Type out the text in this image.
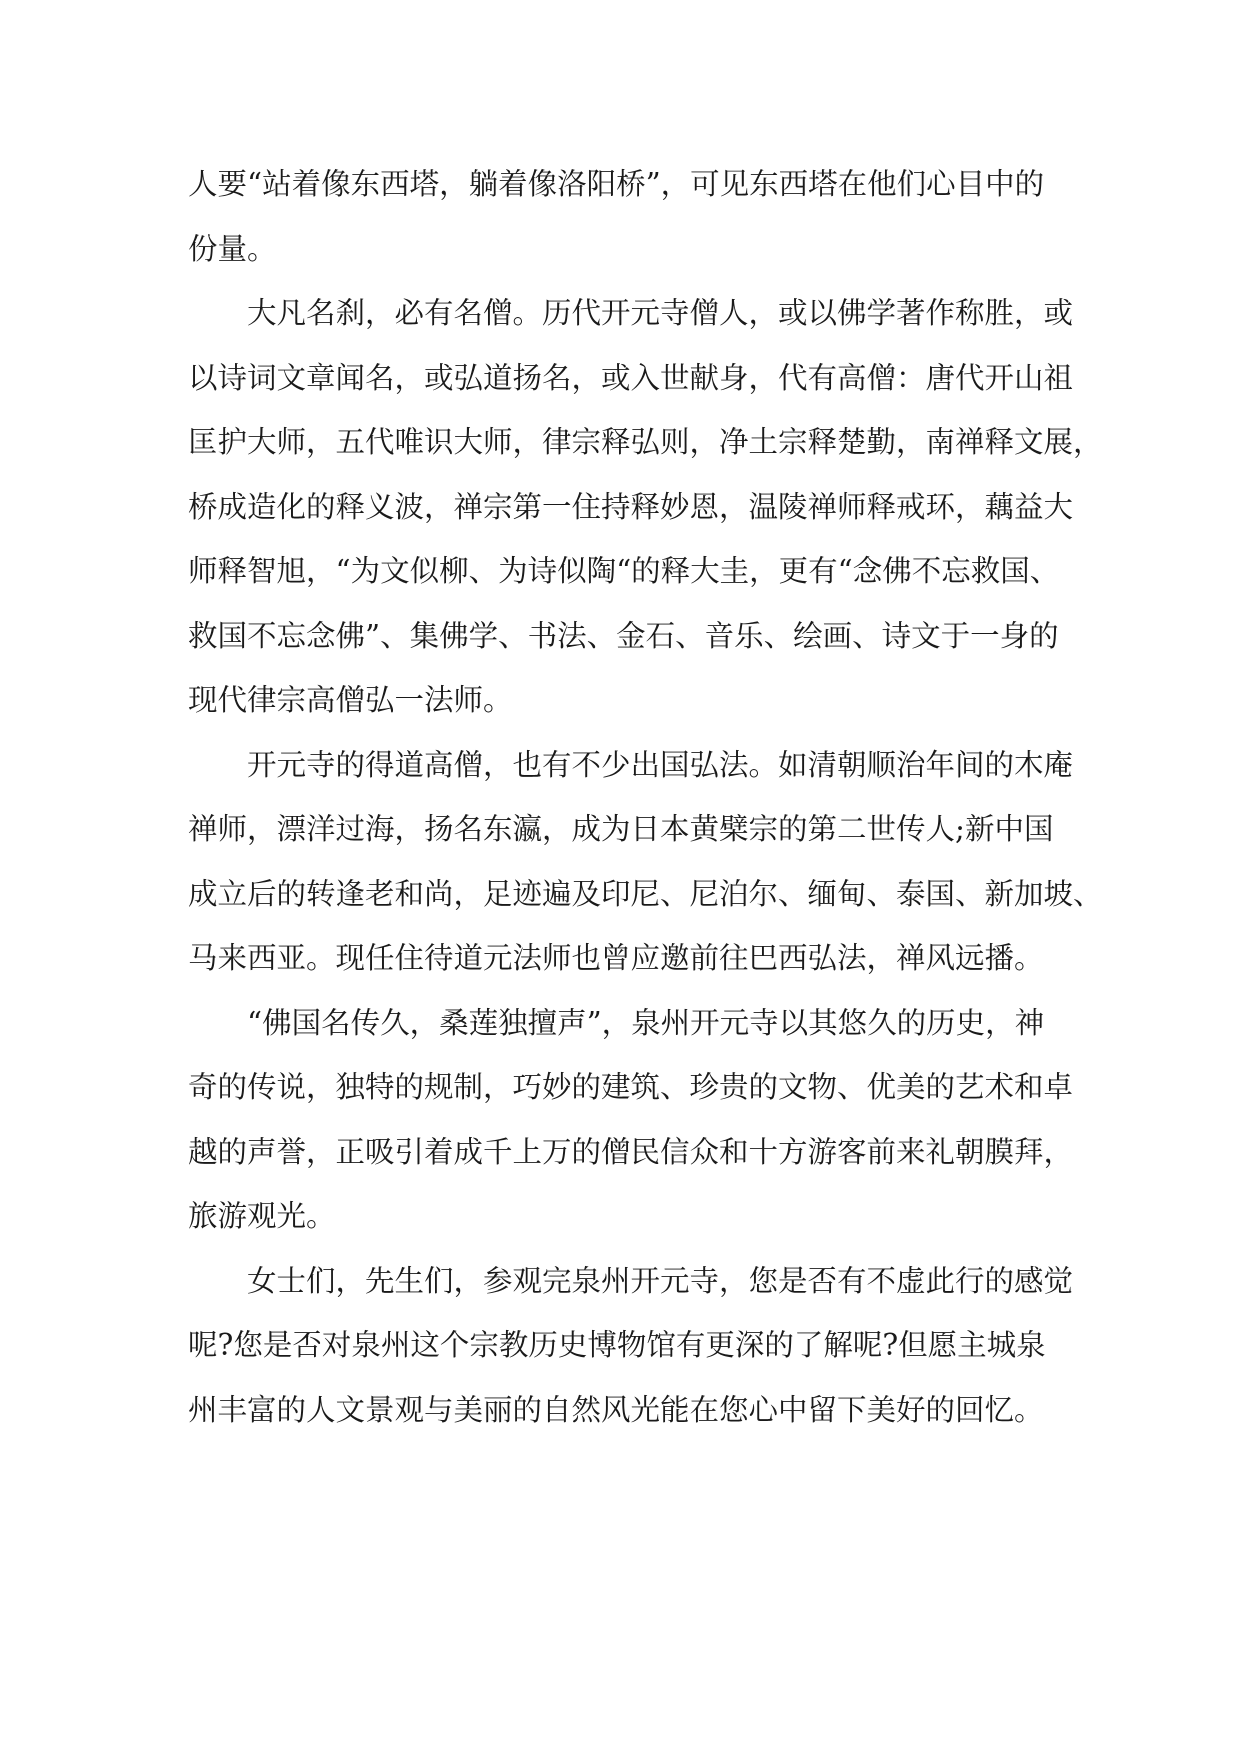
人要“站着像东西塔，躺着像洛阳桥”，可见东西塔在他们心目中的
份量。
　　大凡名刹，必有名僧。历代开元寺僧人，或以佛学著作称胜，或
以诗词文章闻名，或弘道扬名，或入世献身，代有高僧：唐代开山祖
匡护大师，五代唯识大师，律宗释弘则，净土宗释楚勤，南禅释文展，
桥成造化的释义波，禅宗第一住持释妙恩，温陵禅师释戒环，藕益大
师释智旭，“为文似柳、为诗似陶“的释大圭，更有“念佛不忘救国、
救国不忘念佛”、集佛学、书法、金石、音乐、绘画、诗文于一身的
现代律宗高僧弘一法师。
　　开元寺的得道高僧，也有不少出国弘法。如清朝顺治年间的木庵
禅师，漂洋过海，扬名东瀛，成为日本黄檗宗的第二世传人;新中国
成立后的转逢老和尚，足迹遍及印尼、尼泊尔、缅甸、泰国、新加坡、
马来西亚。现任住待道元法师也曾应邀前往巴西弘法，禅风远播。
　　“佛国名传久，桑莲独擅声”，泉州开元寺以其悠久的历史，神
奇的传说，独特的规制，巧妙的建筑、珍贵的文物、优美的艺术和卓
越的声誉，正吸引着成千上万的僧民信众和十方游客前来礼朝膜拜，
旅游观光。
　　女士们，先生们，参观完泉州开元寺，您是否有不虚此行的感觉
呢?您是否对泉州这个宗教历史博物馆有更深的了解呢?但愿主城泉
州丰富的人文景观与美丽的自然风光能在您心中留下美好的回忆。
